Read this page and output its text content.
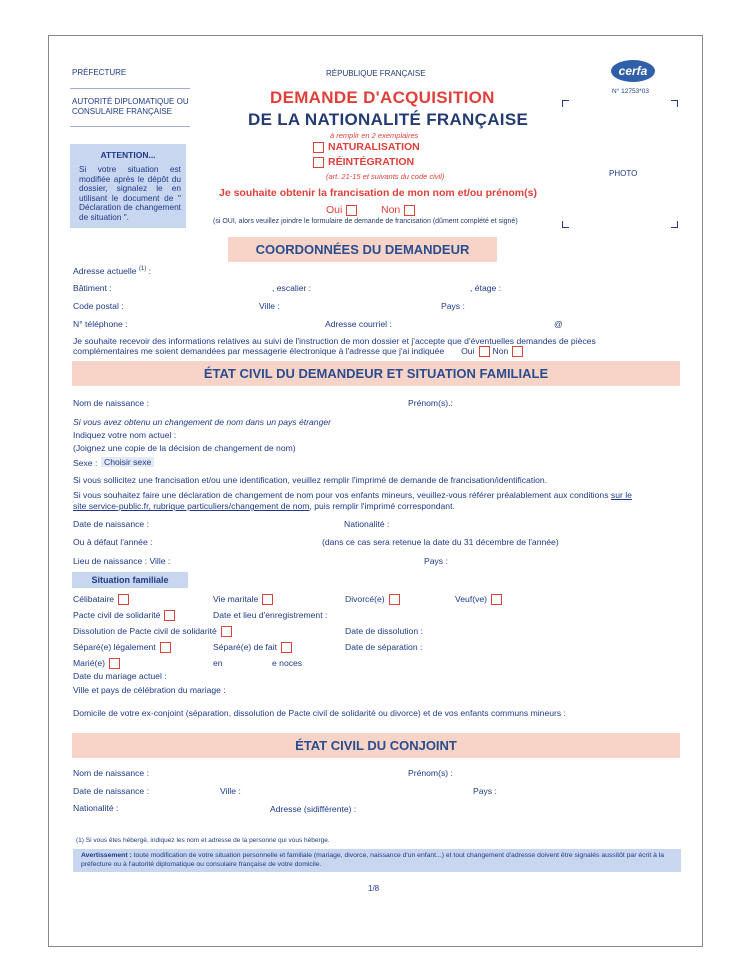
PRÉFECTURE
AUTORITÉ DIPLOMATIQUE OU CONSULAIRE FRANÇAISE
ATTENTION...
Si votre situation est modifiée après le dépôt du dossier, signalez le en utilisant le document de " Déclaration de changement de situation ".
RÉPUBLIQUE FRANÇAISE
DEMANDE D'ACQUISITION
DE LA NATIONALITÉ FRANÇAISE
à remplir en 2 exemplaires
NATURALISATION
RÉINTÉGRATION
(art. 21-15 et suivants du code civil)
Je souhaite obtenir la francisation de mon nom et/ou prénom(s)
Oui	Non
(si OUI, alors veuillez joindre le formulaire de demande de francisation (dûment complété et signé)
cerfa
N° 12753*03
PHOTO
COORDONNÉES DU DEMANDEUR
Adresse actuelle $^{(1)}$ :
Bâtiment :	, escalier :	, étage :
Code postal :	Ville :	Pays :
N° téléphone :	Adresse courriel :	@
Je souhaite recevoir des informations relatives au suivi de l'instruction de mon dossier et j'accepte que d'éventuelles demandes de pièces
complémentaires me soient demandées par messagerie électronique à l'adresse que j'ai indiquée Oui Non
ÉTAT CIVIL DU DEMANDEUR ET SITUATION FAMILIALE
Nom de naissance :	Prénom(s).:
Si vous avez obtenu un changement de nom dans un pays étranger
Indiquez votre nom actuel :
(Joignez une copie de la décision de changement de nom)
Sexe : Choisir sexe
Si vous sollicitez une francisation et/ou une identification, veuillez remplir l'imprimé de demande de francisation/identification.
Si vous souhaitez faire une déclaration de changement de nom pour vos enfants mineurs, veuillez-vous référer préalablement aux conditions sur le
site service-public.fr, rubrique particuliers/changement de nom, puis remplir l'imprimé correspondant.
Date de naissance :	Nationalité :
Ou à défaut l'année :	(dans ce cas sera retenue la date du 31 décembre de l'année)
Lieu de naissance : Ville :	Pays :
Situation familiale
Célibataire	Vie maritale	Divorcé(e)	Veuf(ve)
Pacte civil de solidarité	Date et lieu d'enregistrement :
Dissolution de Pacte civil de solidarité	Date de dissolution :
Séparé(e) légalement	Séparé(e) de fait	Date de séparation :
Marié(e)	en	e noces
Date du mariage actuel :
Ville et pays de célébration du mariage :
Domicile de votre ex-conjoint (séparation, dissolution de Pacte civil de solidarité ou divorce) et de vos enfants communs mineurs :
ÉTAT CIVIL DU CONJOINT
Nom de naissance :	Prénom(s) :
Date de naissance :	Ville :	Pays :
Nationalité :	Adresse (sidifférente) :
(1) Si vous êtes hébergé, indiquez les nom et adresse de la personne qui vous héberge.
Avertissement : toute modification de votre situation personnelle et familiale (mariage, divorce, naissance d'un enfant...) et tout changement d'adresse doivent être signalés aussitôt par écrit à la préfecture ou à l'autorité diplomatique ou consulaire française de votre domicile.
1/8
